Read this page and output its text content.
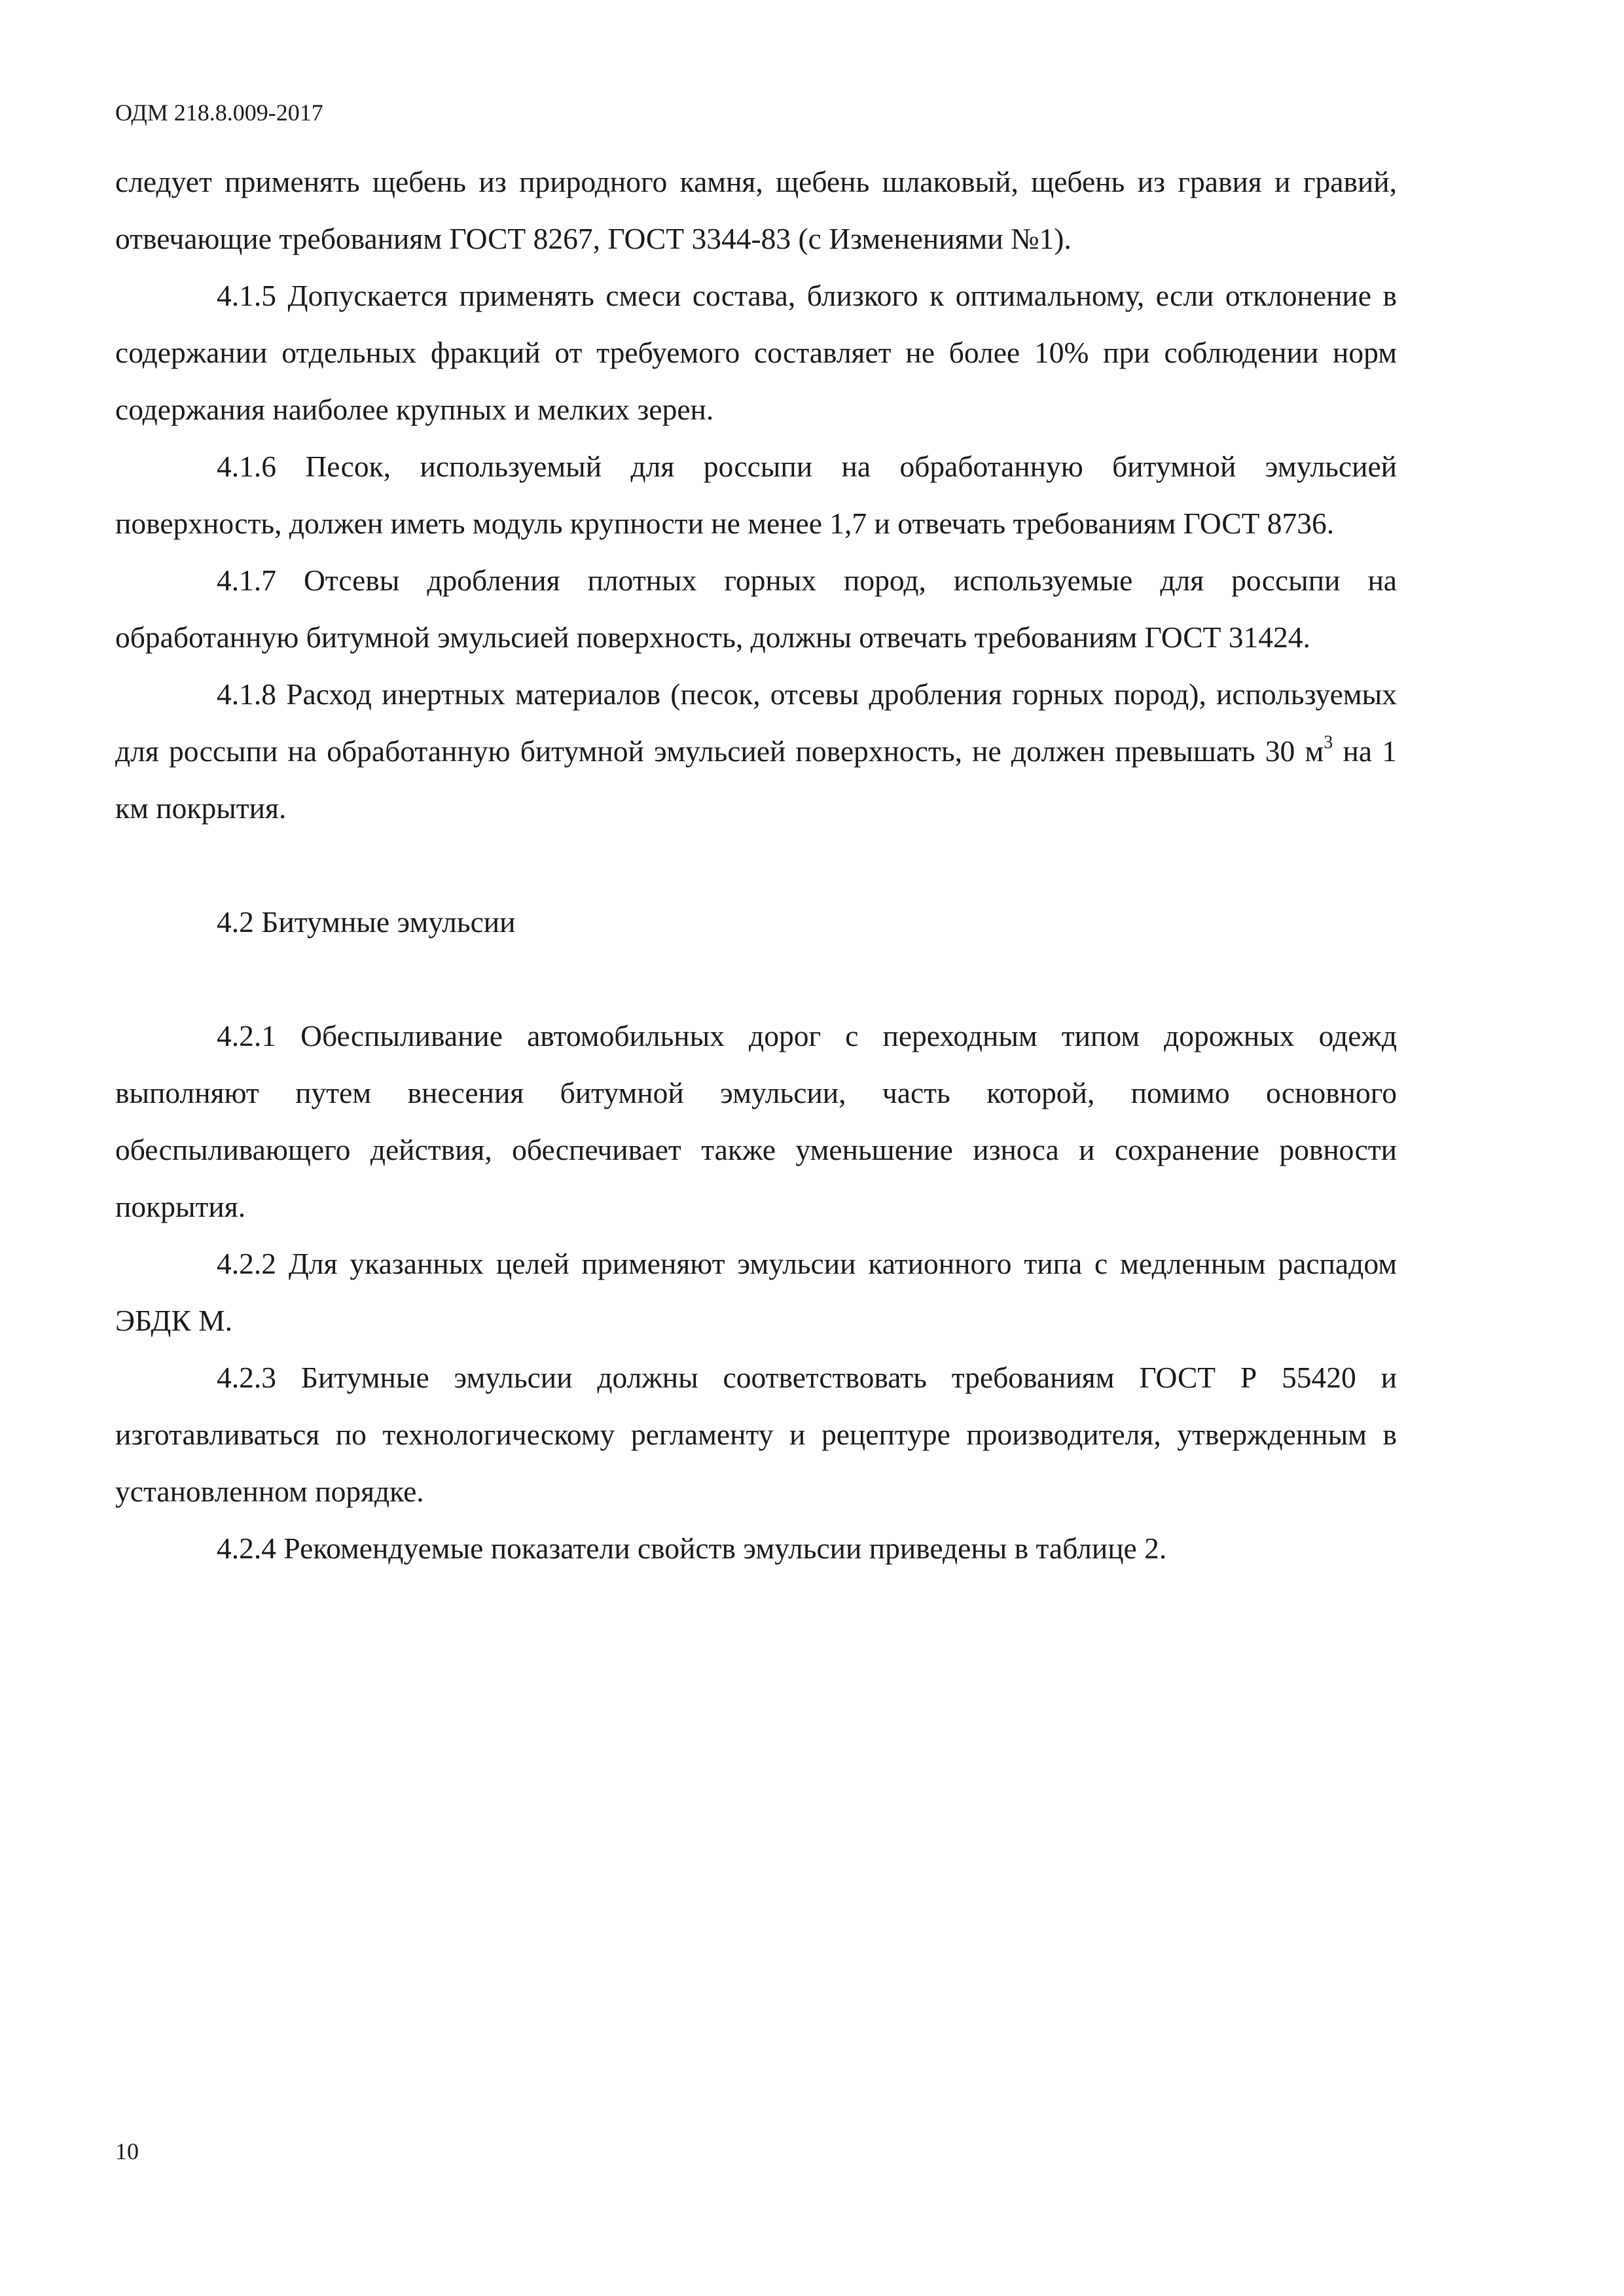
ОДМ 218.8.009-2017

следует применять щебень из природного камня, щебень шлаковый, щебень из гравия и гравий, отвечающие требованиям ГОСТ 8267, ГОСТ 3344-83 (с Изменениями №1).

4.1.5 Допускается применять смеси состава, близкого к оптимальному, если отклонение в содержании отдельных фракций от требуемого составляет не более 10% при соблюдении норм содержания наиболее крупных и мелких зерен.

4.1.6 Песок, используемый для россыпи на обработанную битумной эмульсией поверхность, должен иметь модуль крупности не менее 1,7 и отвечать требованиям ГОСТ 8736.

4.1.7 Отсевы дробления плотных горных пород, используемые для россыпи на обработанную битумной эмульсией поверхность, должны отвечать требованиям ГОСТ 31424.

4.1.8 Расход инертных материалов (песок, отсевы дробления горных пород), используемых для россыпи на обработанную битумной эмульсией поверхность, не должен превышать 30 $м^3$ на 1 км покрытия.

4.2 Битумные эмульсии

4.2.1 Обеспыливание автомобильных дорог с переходным типом дорожных одежд выполняют путем внесения битумной эмульсии, часть которой, помимо основного обеспыливающего действия, обеспечивает также уменьшение износа и сохранение ровности покрытия.

4.2.2 Для указанных целей применяют эмульсии катионного типа с медленным распадом ЭБДК М.

4.2.3 Битумные эмульсии должны соответствовать требованиям ГОСТ Р 55420 и изготавливаться по технологическому регламенту и рецептуре производителя, утвержденным в установленном порядке.

4.2.4 Рекомендуемые показатели свойств эмульсии приведены в таблице 2.

10
